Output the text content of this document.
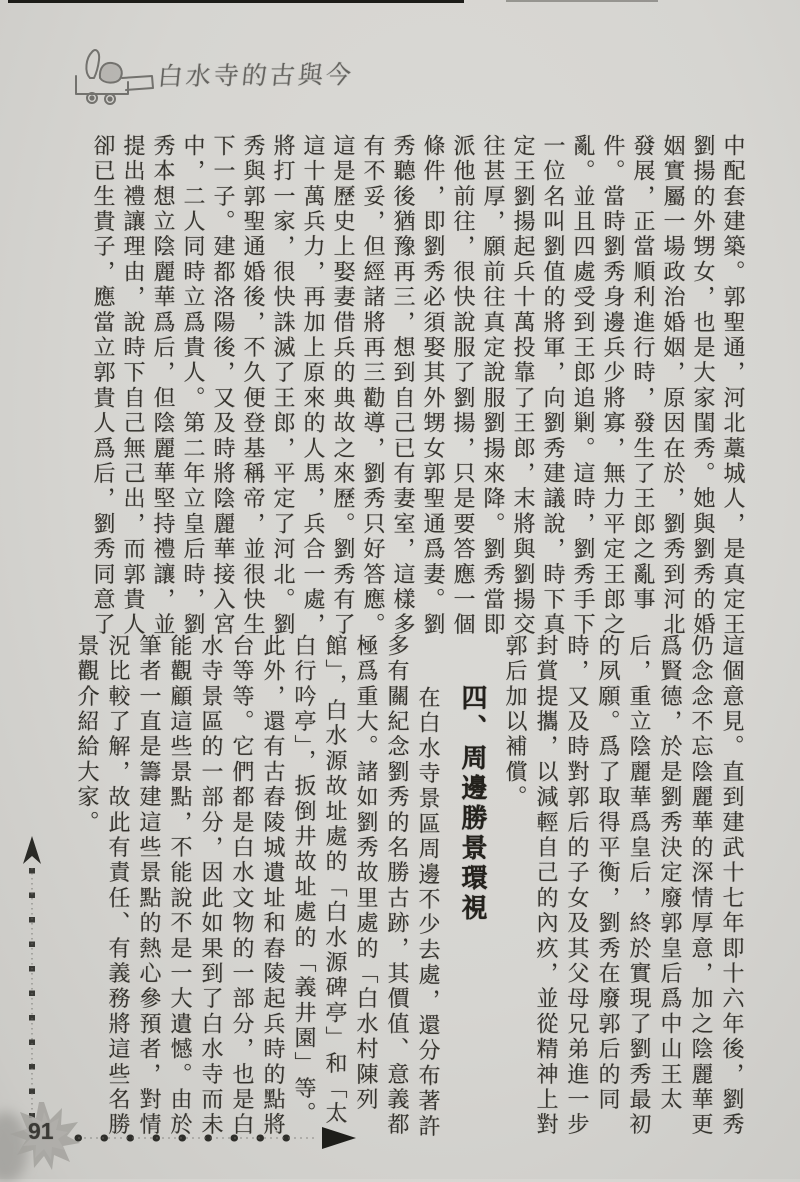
白水寺的古與今
中配套建築。郭聖通，河北藁城人，是真定王
劉揚的外甥女，也是大家閨秀。她與劉秀的婚
姻實屬一場政治婚姻，原因在於，劉秀到河北
發展，正當順利進行時，發生了王郎之亂事
件。當時劉秀身邊兵少將寡，無力平定王郎之
亂。並且四處受到王郎追剿。這時，劉秀手下
一位名叫劉值的將軍，向劉秀建議說，時下真
定王劉揚起兵十萬投靠了王郎，末將與劉揚交
往甚厚，願前往真定說服劉揚來降。劉秀當即
派他前往，很快說服了劉揚，只是要答應一個
條件，即劉秀必須娶其外甥女郭聖通爲妻。劉
秀聽後猶豫再三，想到自己已有妻室，這樣多
有不妥，但經諸將再三勸導，劉秀只好答應。
這是歷史上娶妻借兵的典故之來歷。劉秀有了
這十萬兵力，再加上原來的人馬，兵合一處，
將打一家，很快誅滅了王郎，平定了河北。劉
秀與郭聖通婚後，不久便登基稱帝，並很快生
下一子。建都洛陽後，又及時將陰麗華接入宮
中，二人同時立爲貴人。第二年立皇后時，劉
秀本想立陰麗華爲后，但陰麗華堅持禮讓，並
提出禮讓理由，說時下自己無己出，而郭貴人
卻已生貴子，應當立郭貴人爲后，劉秀同意了
這個意見。直到建武十七年即十六年後，劉秀
仍念念不忘陰麗華的深情厚意，加之陰麗華更
爲賢德，於是劉秀決定廢郭皇后爲中山王太
后，重立陰麗華爲皇后，終於實現了劉秀最初
的夙願。爲了取得平衡，劉秀在廢郭后的同
時，又及時對郭后的子女及其父母兄弟進一步
封賞提攜，以減輕自己的內疚，並從精神上對
郭后加以補償。
四、周邊勝景環視
在白水寺景區周邊不少去處，還分布著許
多有關紀念劉秀的名勝古跡，其價值、意義都
極爲重大。諸如劉秀故里處的「白水村陳列
館」，白水源故址處的「白水源碑亭」和「太
白行吟亭」，扳倒井故址處的「義井園」等。
此外，還有古舂陵城遺址和舂陵起兵時的點將
台等等。它們都是白水文物的一部分，也是白
水寺景區的一部分，因此如果到了白水寺而未
能觀顧這些景點，不能說不是一大遺憾。由於
筆者一直是籌建這些景點的熱心參預者，對情
況比較了解，故此有責任、有義務將這些名勝
景觀介紹給大家。
91
